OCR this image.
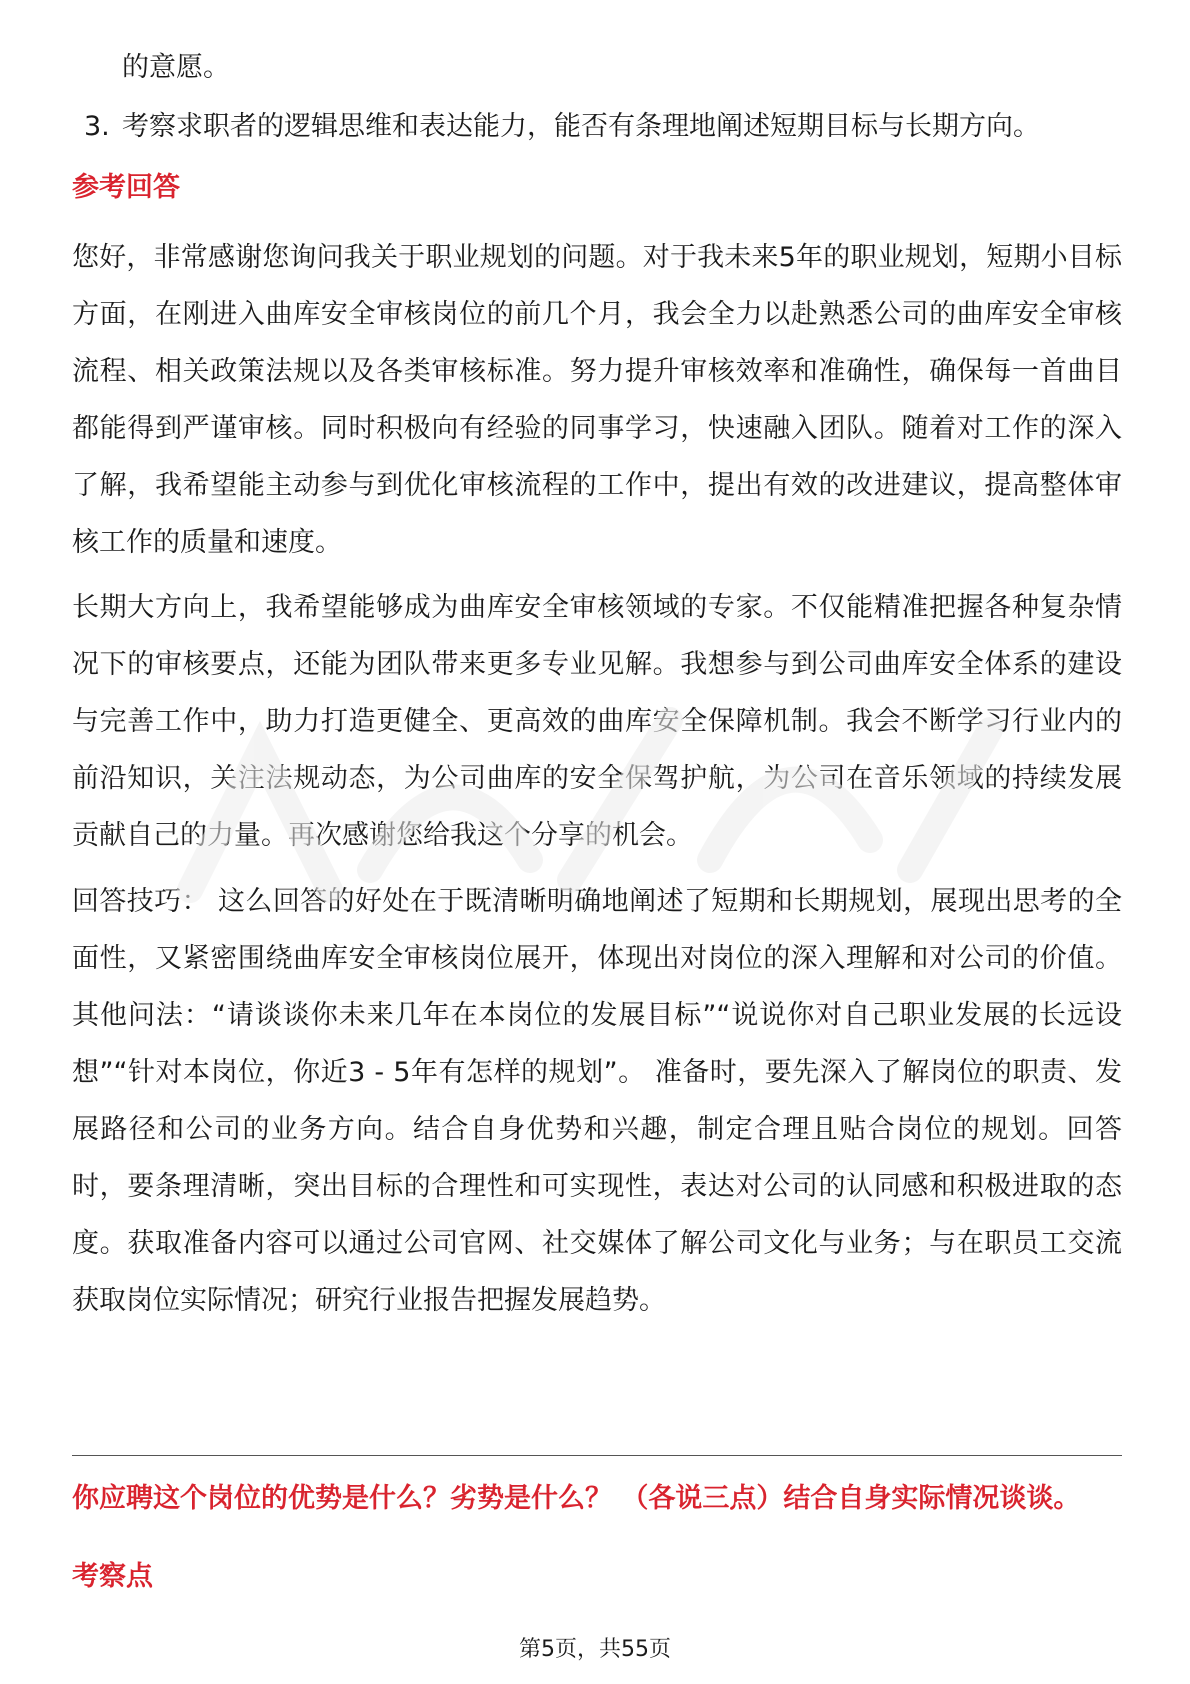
的意愿。
3. 考察求职者的逻辑思维和表达能力，能否有条理地阐述短期目标与长期方向。
参考回答
您好，非常感谢您询问我关于职业规划的问题。对于我未来5年的职业规划，短期小目标方面，在刚进入曲库安全审核岗位的前几个月，我会全力以赴熟悉公司的曲库安全审核流程、相关政策法规以及各类审核标准。努力提升审核效率和准确性，确保每一首曲目都能得到严谨审核。同时积极向有经验的同事学习，快速融入团队。随着对工作的深入了解，我希望能主动参与到优化审核流程的工作中，提出有效的改进建议，提高整体审核工作的质量和速度。
长期大方向上，我希望能够成为曲库安全审核领域的专家。不仅能精准把握各种复杂情况下的审核要点，还能为团队带来更多专业见解。我想参与到公司曲库安全体系的建设与完善工作中，助力打造更健全、更高效的曲库安全保障机制。我会不断学习行业内的前沿知识，关注法规动态，为公司曲库的安全保驾护航，为公司在音乐领域的持续发展贡献自己的力量。再次感谢您给我这个分享的机会。
回答技巧： 这么回答的好处在于既清晰明确地阐述了短期和长期规划，展现出思考的全面性，又紧密围绕曲库安全审核岗位展开，体现出对岗位的深入理解和对公司的价值。 其他问法：“请谈谈你未来几年在本岗位的发展目标”“说说你对自己职业发展的长远设想”“针对本岗位，你近3 - 5年有怎样的规划”。 准备时，要先深入了解岗位的职责、发展路径和公司的业务方向。结合自身优势和兴趣，制定合理且贴合岗位的规划。回答时，要条理清晰，突出目标的合理性和可实现性，表达对公司的认同感和积极进取的态度。获取准备内容可以通过公司官网、社交媒体了解公司文化与业务；与在职员工交流获取岗位实际情况；研究行业报告把握发展趋势。
你应聘这个岗位的优势是什么？劣势是什么？ （各说三点）结合自身实际情况谈谈。
考察点
第5页，共55页
